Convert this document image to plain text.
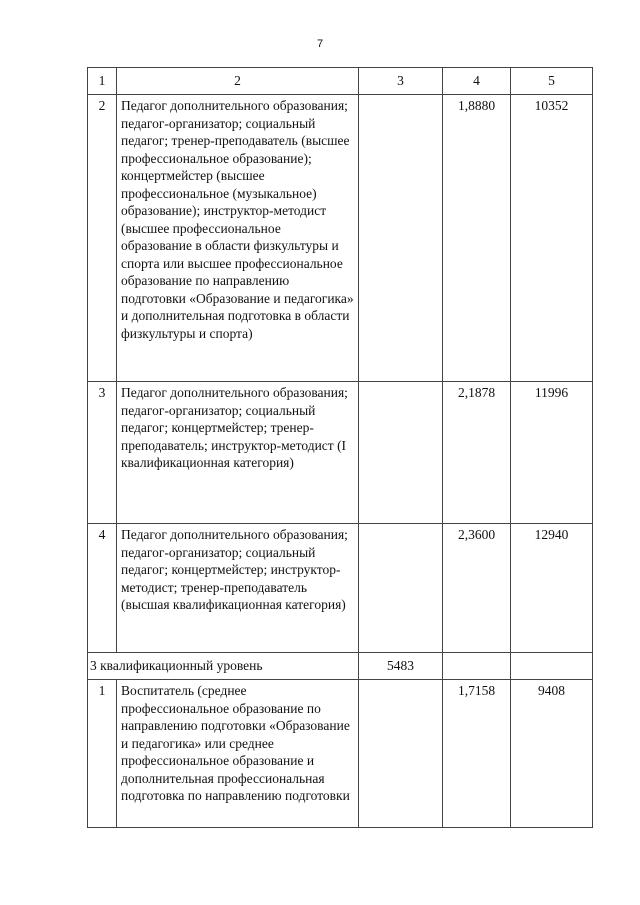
7
1	2	3	4	5
2	Педагог дополнительного образования; педагог-организатор; социальный педагог; тренер-преподаватель (высшее профессиональное образование); концертмейстер (высшее профессиональное (музыкальное) образование); инструктор-методист (высшее профессиональное образование в области физкультуры и спорта или высшее профессиональное образование по направлению подготовки «Образование и педагогика» и дополнительная подготовка в области физкультуры и спорта)		1,8880	10352
3	Педагог дополнительного образования; педагог-организатор; социальный педагог; концертмейстер; тренер-преподаватель; инструктор-методист (I квалификационная категория)		2,1878	11996
4	Педагог дополнительного образования; педагог-организатор; социальный педагог; концертмейстер; инструктор-методист; тренер-преподаватель (высшая квалификационная категория)		2,3600	12940
3 квалификационный уровень		5483		
1	Воспитатель (среднее профессиональное образование по направлению подготовки «Образование и педагогика» или среднее профессиональное образование и дополнительная профессиональная подготовка по направлению подготовки		1,7158	9408
